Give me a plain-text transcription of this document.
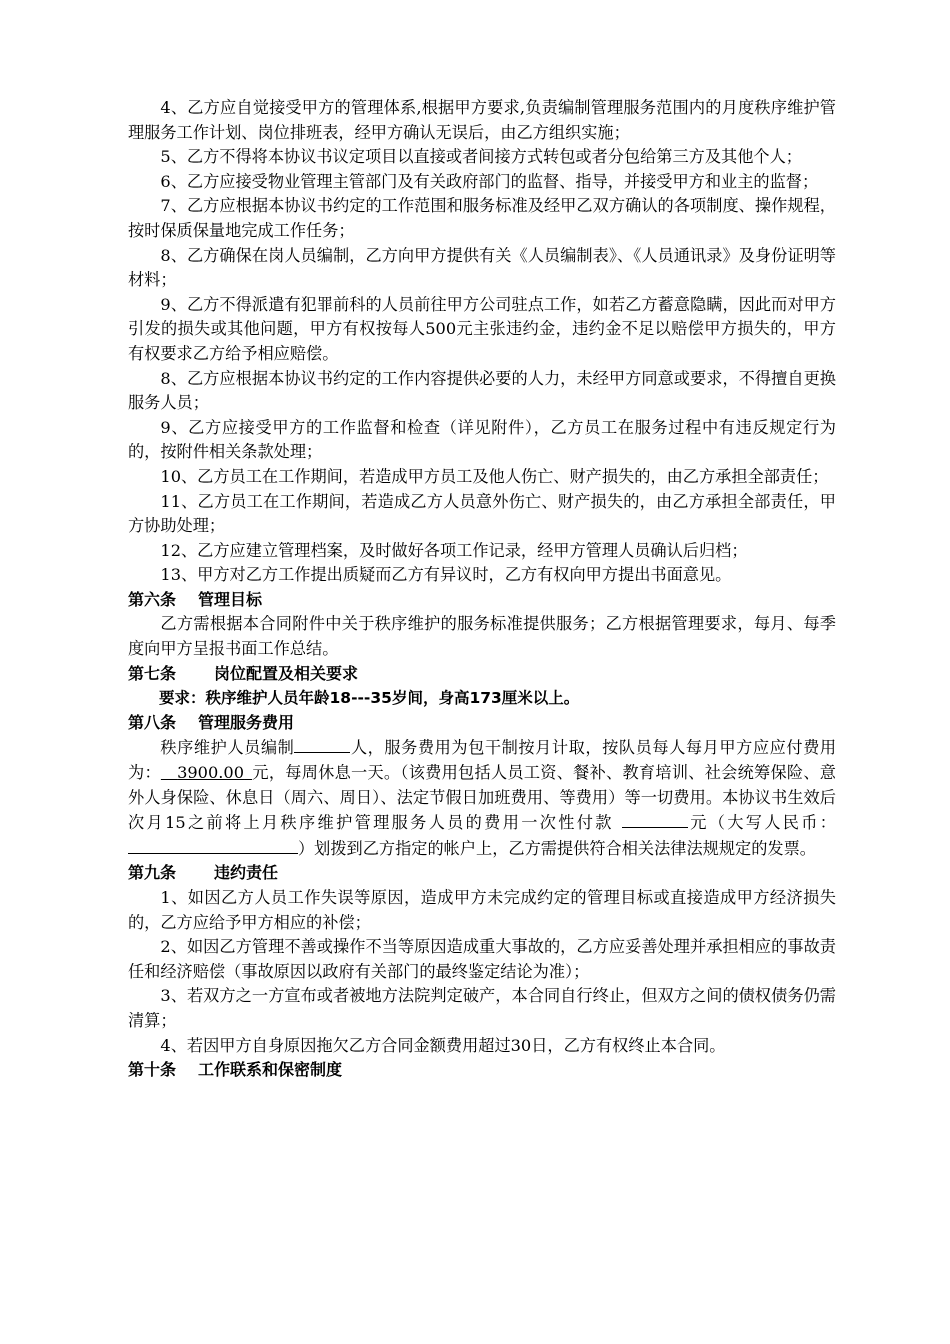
4、乙方应自觉接受甲方的管理体系,根据甲方要求,负责编制管理服务范围内的月度秩序维护管理服务工作计划、岗位排班表，经甲方确认无误后，由乙方组织实施；

5、乙方不得将本协议书议定项目以直接或者间接方式转包或者分包给第三方及其他个人；

6、乙方应接受物业管理主管部门及有关政府部门的监督、指导，并接受甲方和业主的监督；

7、乙方应根据本协议书约定的工作范围和服务标准及经甲乙双方确认的各项制度、操作规程，按时保质保量地完成工作任务；

8、乙方确保在岗人员编制，乙方向甲方提供有关《人员编制表》、《人员通讯录》及身份证明等材料；

9、乙方不得派遣有犯罪前科的人员前往甲方公司驻点工作，如若乙方蓄意隐瞒，因此而对甲方引发的损失或其他问题，甲方有权按每人500元主张违约金，违约金不足以赔偿甲方损失的，甲方有权要求乙方给予相应赔偿。

8、乙方应根据本协议书约定的工作内容提供必要的人力，未经甲方同意或要求，不得擅自更换服务人员；

9、乙方应接受甲方的工作监督和检查（详见附件），乙方员工在服务过程中有违反规定行为的，按附件相关条款处理；

10、乙方员工在工作期间，若造成甲方员工及他人伤亡、财产损失的，由乙方承担全部责任；

11、乙方员工在工作期间，若造成乙方人员意外伤亡、财产损失的，由乙方承担全部责任，甲方协助处理；

12、乙方应建立管理档案，及时做好各项工作记录，经甲方管理人员确认后归档；

13、甲方对乙方工作提出质疑而乙方有异议时，乙方有权向甲方提出书面意见。

第六条 管理目标

乙方需根据本合同附件中关于秩序维护的服务标准提供服务；乙方根据管理要求，每月、每季度向甲方呈报书面工作总结。

第七条 岗位配置及相关要求

要求：秩序维护人员年龄18---35岁间，身高173厘米以上。

第八条 管理服务费用

秩序维护人员编制	人，服务费用为包干制按月计取，按队员每人每月甲方应应付费用为：  3900.00  元，每周休息一天。（该费用包括人员工资、餐补、教育培训、社会统筹保险、意外人身保险、休息日（周六、周日）、法定节假日加班费用、等费用）等一切费用。本协议书生效后次月15之前将上月秩序维护管理服务人员的费用一次性付款 	元（大写人民币：）划拨到乙方指定的帐户上，乙方需提供符合相关法律法规规定的发票。

第九条 违约责任

1、如因乙方人员工作失误等原因，造成甲方未完成约定的管理目标或直接造成甲方经济损失的，乙方应给予甲方相应的补偿；

2、如因乙方管理不善或操作不当等原因造成重大事故的，乙方应妥善处理并承担相应的事故责任和经济赔偿（事故原因以政府有关部门的最终鉴定结论为准）；

3、若双方之一方宣布或者被地方法院判定破产，本合同自行终止，但双方之间的债权债务仍需清算；

4、若因甲方自身原因拖欠乙方合同金额费用超过30日，乙方有权终止本合同。

第十条 工作联系和保密制度
